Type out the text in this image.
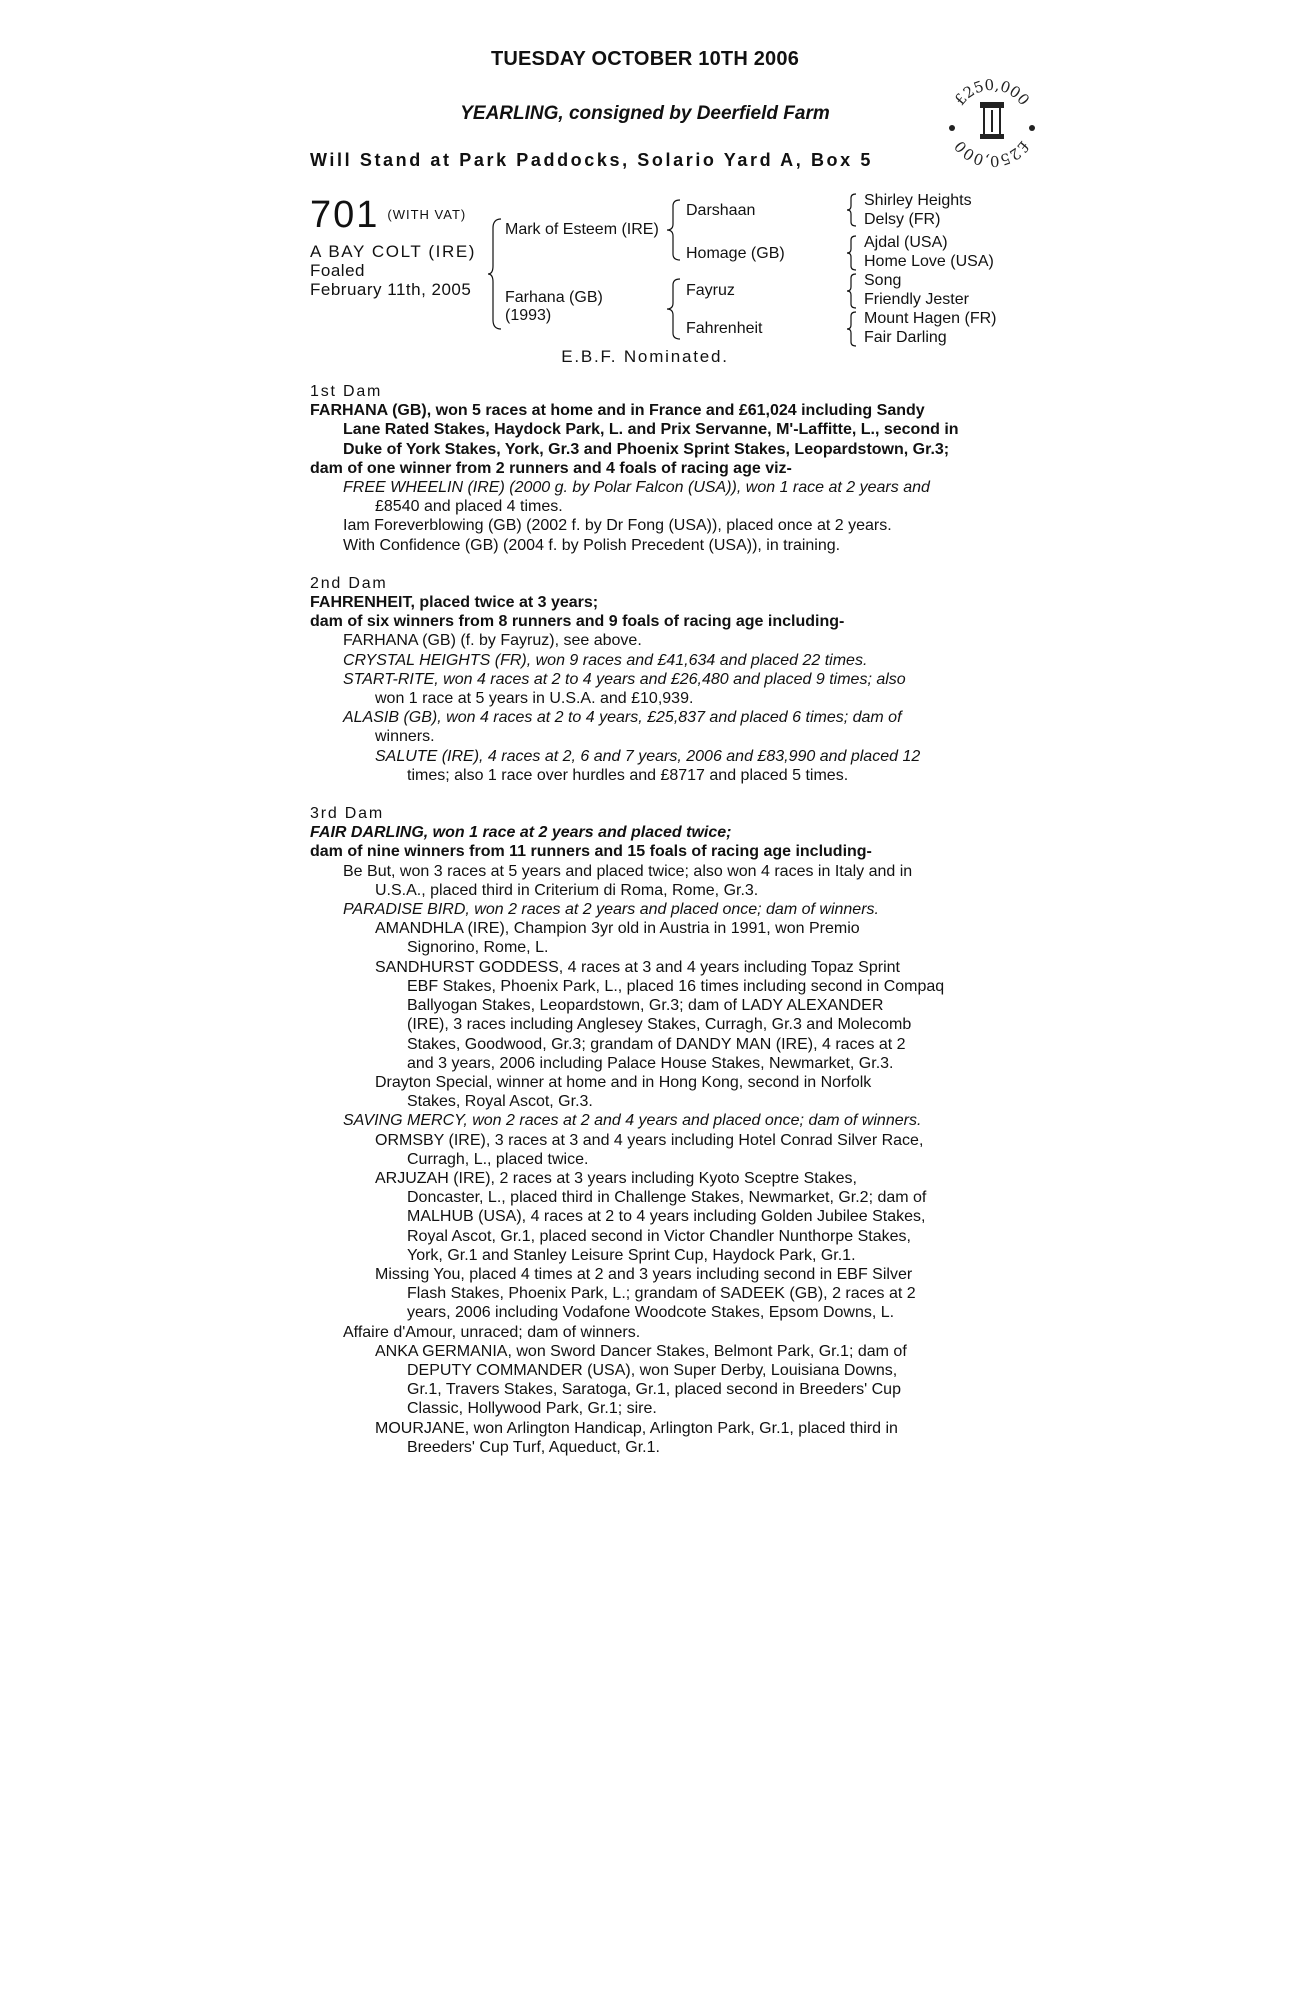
TUESDAY OCTOBER 10TH 2006
YEARLING, consigned by Deerfield Farm
Will Stand at Park Paddocks, Solario Yard A, Box 5
£250,000
£250,000
701 $^{(WITH VAT)}$
A BAY COLT (IRE)
Foaled
February 11th, 2005
Mark of Esteem (IRE)
Farhana (GB)
(1993)
Darshaan
Homage (GB)
Fayruz
Fahrenheit
Shirley Heights
Delsy (FR)
Ajdal (USA)
Home Love (USA)
Song
Friendly Jester
Mount Hagen (FR)
Fair Darling
E.B.F. Nominated.
1st Dam
FARHANA (GB), won 5 races at home and in France and £61,024 including Sandy
Lane Rated Stakes, Haydock Park, L. and Prix Servanne, M'-Laffitte, L., second in
Duke of York Stakes, York, Gr.3 and Phoenix Sprint Stakes, Leopardstown, Gr.3;
dam of one winner from 2 runners and 4 foals of racing age viz-
FREE WHEELIN (IRE) (2000 g. by Polar Falcon (USA)), won 1 race at 2 years and
£8540 and placed 4 times.
Iam Foreverblowing (GB) (2002 f. by Dr Fong (USA)), placed once at 2 years.
With Confidence (GB) (2004 f. by Polish Precedent (USA)), in training.
2nd Dam
FAHRENHEIT, placed twice at 3 years;
dam of six winners from 8 runners and 9 foals of racing age including-
FARHANA (GB) (f. by Fayruz), see above.
CRYSTAL HEIGHTS (FR), won 9 races and £41,634 and placed 22 times.
START-RITE, won 4 races at 2 to 4 years and £26,480 and placed 9 times; also
won 1 race at 5 years in U.S.A. and £10,939.
ALASIB (GB), won 4 races at 2 to 4 years, £25,837 and placed 6 times; dam of
winners.
SALUTE (IRE), 4 races at 2, 6 and 7 years, 2006 and £83,990 and placed 12
times; also 1 race over hurdles and £8717 and placed 5 times.
3rd Dam
FAIR DARLING, won 1 race at 2 years and placed twice;
dam of nine winners from 11 runners and 15 foals of racing age including-
Be But, won 3 races at 5 years and placed twice; also won 4 races in Italy and in
U.S.A., placed third in Criterium di Roma, Rome, Gr.3.
PARADISE BIRD, won 2 races at 2 years and placed once; dam of winners.
AMANDHLA (IRE), Champion 3yr old in Austria in 1991, won Premio
Signorino, Rome, L.
SANDHURST GODDESS, 4 races at 3 and 4 years including Topaz Sprint
EBF Stakes, Phoenix Park, L., placed 16 times including second in Compaq
Ballyogan Stakes, Leopardstown, Gr.3; dam of LADY ALEXANDER
(IRE), 3 races including Anglesey Stakes, Curragh, Gr.3 and Molecomb
Stakes, Goodwood, Gr.3; grandam of DANDY MAN (IRE), 4 races at 2
and 3 years, 2006 including Palace House Stakes, Newmarket, Gr.3.
Drayton Special, winner at home and in Hong Kong, second in Norfolk
Stakes, Royal Ascot, Gr.3.
SAVING MERCY, won 2 races at 2 and 4 years and placed once; dam of winners.
ORMSBY (IRE), 3 races at 3 and 4 years including Hotel Conrad Silver Race,
Curragh, L., placed twice.
ARJUZAH (IRE), 2 races at 3 years including Kyoto Sceptre Stakes,
Doncaster, L., placed third in Challenge Stakes, Newmarket, Gr.2; dam of
MALHUB (USA), 4 races at 2 to 4 years including Golden Jubilee Stakes,
Royal Ascot, Gr.1, placed second in Victor Chandler Nunthorpe Stakes,
York, Gr.1 and Stanley Leisure Sprint Cup, Haydock Park, Gr.1.
Missing You, placed 4 times at 2 and 3 years including second in EBF Silver
Flash Stakes, Phoenix Park, L.; grandam of SADEEK (GB), 2 races at 2
years, 2006 including Vodafone Woodcote Stakes, Epsom Downs, L.
Affaire d'Amour, unraced; dam of winners.
ANKA GERMANIA, won Sword Dancer Stakes, Belmont Park, Gr.1; dam of
DEPUTY COMMANDER (USA), won Super Derby, Louisiana Downs,
Gr.1, Travers Stakes, Saratoga, Gr.1, placed second in Breeders' Cup
Classic, Hollywood Park, Gr.1; sire.
MOURJANE, won Arlington Handicap, Arlington Park, Gr.1, placed third in
Breeders' Cup Turf, Aqueduct, Gr.1.
